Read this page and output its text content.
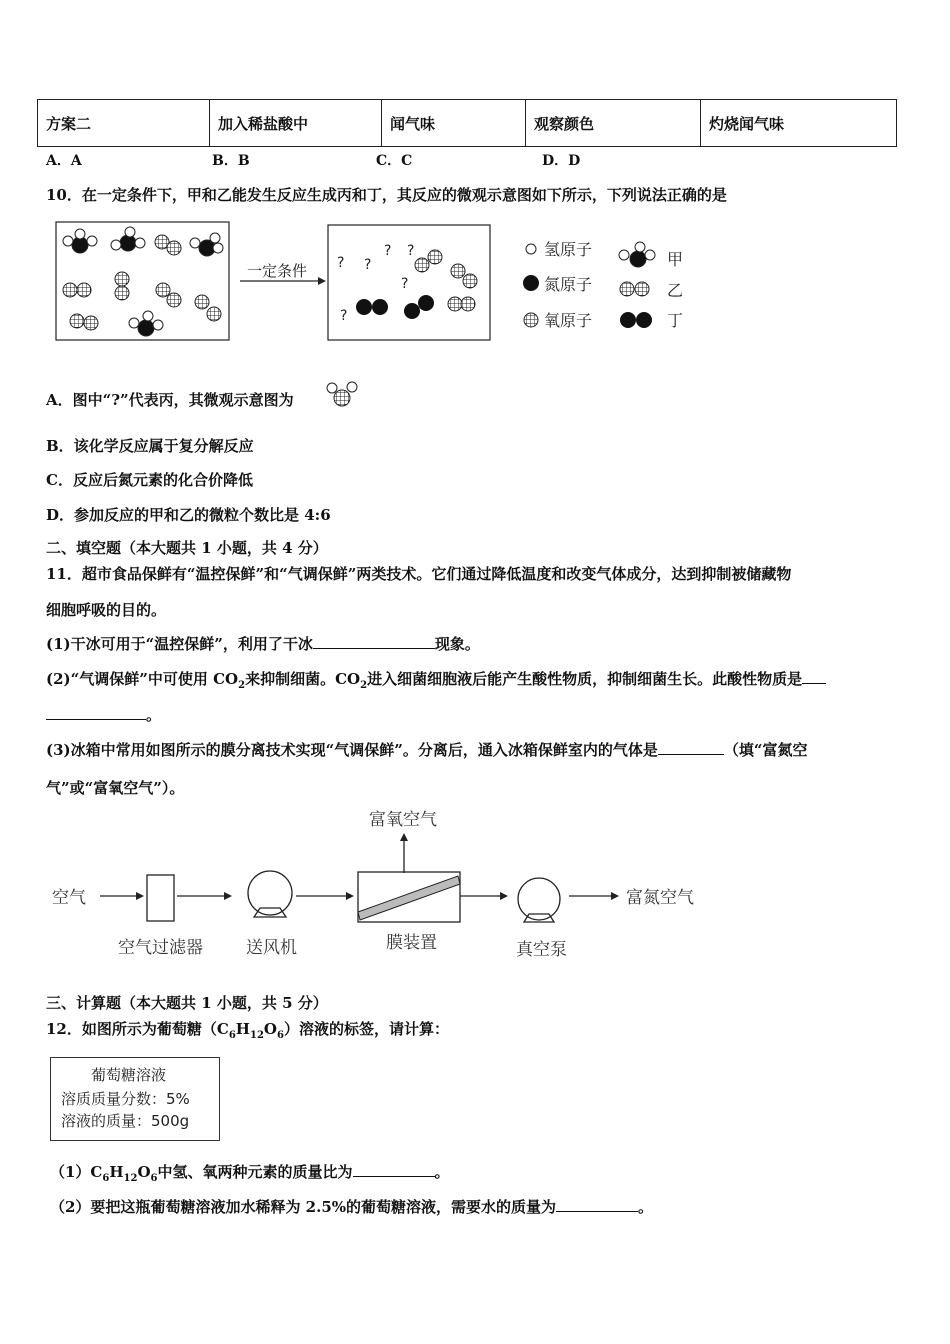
方案二	加入稀盐酸中	闻气味	观察颜色	灼烧闻气味
A．A	B．B	C．C	D．D
10．在一定条件下，甲和乙能发生反应生成丙和丁，其反应的微观示意图如下所示，下列说法正确的是
一定条件 ? ?
? ?
?
?
氢原子
氮原子
氧原子
甲
乙
丁
A．图中“?”代表丙，其微观示意图为
B．该化学反应属于复分解反应
C．反应后氮元素的化合价降低
D．参加反应的甲和乙的微粒个数比是 4:6
二、填空题（本大题共 1 小题，共 4 分）
11．超市食品保鲜有“温控保鲜”和“气调保鲜”两类技术。它们通过降低温度和改变气体成分，达到抑制被储藏物
细胞呼吸的目的。
(1)干冰可用于“温控保鲜”，利用了干冰	现象。
(2)“气调保鲜”中可使用 $CO_2$来抑制细菌。$CO_2$进入细菌细胞液后能产生酸性物质，抑制细菌生长。此酸性物质是
。
(3)冰箱中常用如图所示的膜分离技术实现“气调保鲜”。分离后，通入冰箱保鲜室内的气体是	（填“富氮空
气”或“富氧空气”）。
空气
空气过滤器	送风机	膜装置	真空泵
富氧空气
富氮空气
三、计算题（本大题共 1 小题，共 5 分）
12．如图所示为葡萄糖$(C_6H_{12}O_6)$溶液的标签，请计算：
葡萄糖溶液
溶质质量分数：5%
溶液的质量：500g
$(1)C_6H_{12}O_6$中氢、氧两种元素的质量比为	。
（2）要把这瓶葡萄糖溶液加水稀释为 2.5%的葡萄糖溶液，需要水的质量为	。
